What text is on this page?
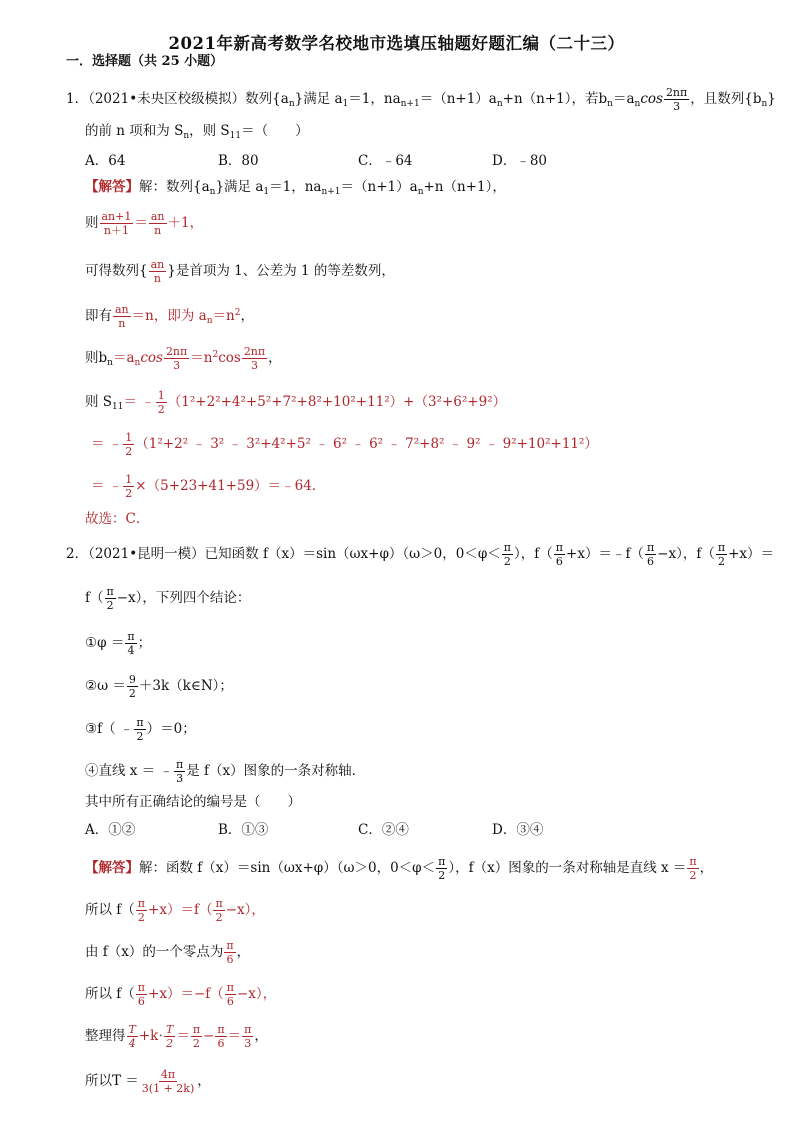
2021年新高考数学名校地市选填压轴题好题汇编（二十三）
一．选择题（共 25 小题）
1．（2021•未央区校级模拟）数列$\{a_n\}$满足 $a_1=1$，$na_{n+1}=(n+1)a_n+n(n+1)$，若$b_n=a_n\cos \frac{2n\pi}{3}$ ，且数列$\{b_n\}$
的前 n 项和为 $S_n$，则 $S_{11}=$（　　）
A．64	B．80	C．﹣64	D．﹣80
【解答】解：数列$\{a_n\}$满足 $a_1=1$，$na_{n+1}=(n+1)a_n+n(n+1)$，
则 $\frac{an+1}{n+1} = \frac{an}{n} +1$，
可得数列{ $\frac{an}{n}$ }是首项为 1、公差为 1 的等差数列，
即有 $\frac{an}{n} =n$，即为 $a_n=n^2$，
则$b_n=a_n\cos \frac{2n\pi}{3} =n^2\cos \frac{2n\pi}{3}$ ，
则 $S_{11}=$ ﹣ $\frac{1}{2} (1^2+2^2+4^2+5^2+7^2+8^2+10^2+11^2)+(3^2+6^2+9^2)$
＝ ﹣ $\frac{1}{2} (1^2+2^2$ ﹣ 3² ﹣ 3²+4²+5² ﹣ 6² ﹣ 6² ﹣ 7²+8² ﹣ 9² ﹣ 9²+10²+11²）
＝ ﹣ $\frac{1}{2}$ ×（5+23+41+59）＝﹣64．
故选：C．
2．（2021•昆明一模）已知函数 f（x）＝sin（ωx+φ）（ω＞0，$0<\varphi< \frac{\pi}{2}$ ），$f( \frac{\pi}{6}$ +x）＝﹣f（ $\frac{\pi}{6} -x$），$f( \frac{\pi}{2} +x)=$
$f( \frac{\pi}{2} -x)$，下列四个结论：
①φ ＝ $\frac{\pi}{4}$ ；
②ω ＝ $\frac{9}{2}$ ＋3k（k∈N）；
③f（ ﹣ $\frac{\pi}{2} )=0$；
④直线 x ＝ ﹣ $\frac{\pi}{3}$ 是 f（x）图象的一条对称轴．
其中所有正确结论的编号是（　　）
A．①②	B．①③	C．②④	D．③④
【解答】解：函数 f（x）＝sin（ωx+φ）（ω＞0，$0<\varphi< \frac{\pi}{2}$ ），f（x）图象的一条对称轴是直线 $x = \frac{\pi}{2}$ ，
所以 $f( \frac{\pi}{2} +x)=f( \frac{\pi}{2} -x)$，
由 f（x）的一个零点为 $\frac{\pi}{6}$ ，
所以 $f( \frac{\pi}{6} +x)=-f( \frac{\pi}{6} -x)$，
整理得 $\frac{T}{4} +k\cdot \frac{T}{2} = \frac{\pi}{2} - \frac{\pi}{6} = \frac{\pi}{3}$ ，
所以$T = \frac{4\pi}{3(1 + 2k)}$ ，
